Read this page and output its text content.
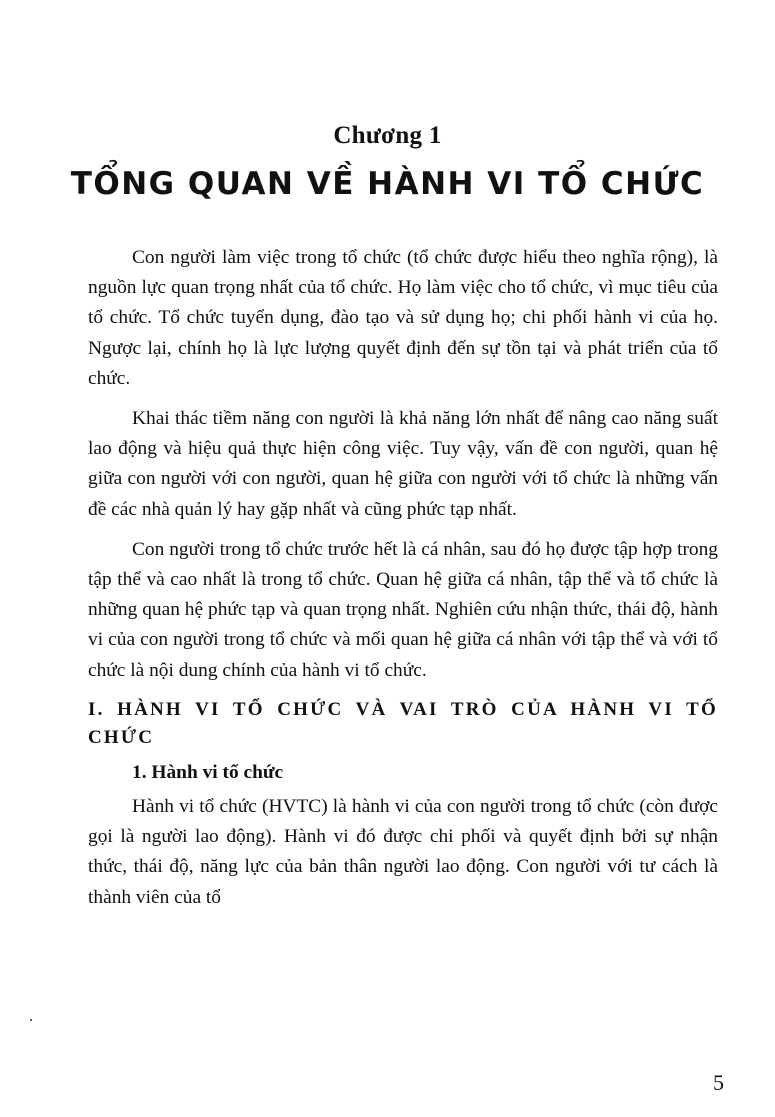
Chương 1
TỔNG QUAN VỀ HÀNH VI TỔ CHỨC

Con người làm việc trong tổ chức (tổ chức được hiểu theo nghĩa rộng), là nguồn lực quan trọng nhất của tổ chức. Họ làm việc cho tổ chức, vì mục tiêu của tổ chức. Tổ chức tuyển dụng, đào tạo và sử dụng họ; chi phối hành vi của họ. Ngược lại, chính họ là lực lượng quyết định đến sự tồn tại và phát triển của tổ chức.

Khai thác tiềm năng con người là khả năng lớn nhất để nâng cao năng suất lao động và hiệu quả thực hiện công việc. Tuy vậy, vấn đề con người, quan hệ giữa con người với con người, quan hệ giữa con người với tổ chức là những vấn đề các nhà quản lý hay gặp nhất và cũng phức tạp nhất.

Con người trong tổ chức trước hết là cá nhân, sau đó họ được tập hợp trong tập thể và cao nhất là trong tổ chức. Quan hệ giữa cá nhân, tập thể và tổ chức là những quan hệ phức tạp và quan trọng nhất. Nghiên cứu nhận thức, thái độ, hành vi của con người trong tổ chức và mối quan hệ giữa cá nhân với tập thể và với tổ chức là nội dung chính của hành vi tổ chức.

I. HÀNH VI TỔ CHỨC VÀ VAI TRÒ CỦA HÀNH VI TỔ CHỨC
1. Hành vi tổ chức

Hành vi tổ chức (HVTC) là hành vi của con người trong tổ chức (còn được gọi là người lao động). Hành vi đó được chi phối và quyết định bởi sự nhận thức, thái độ, năng lực của bản thân người lao động. Con người với tư cách là thành viên của tổ

5
